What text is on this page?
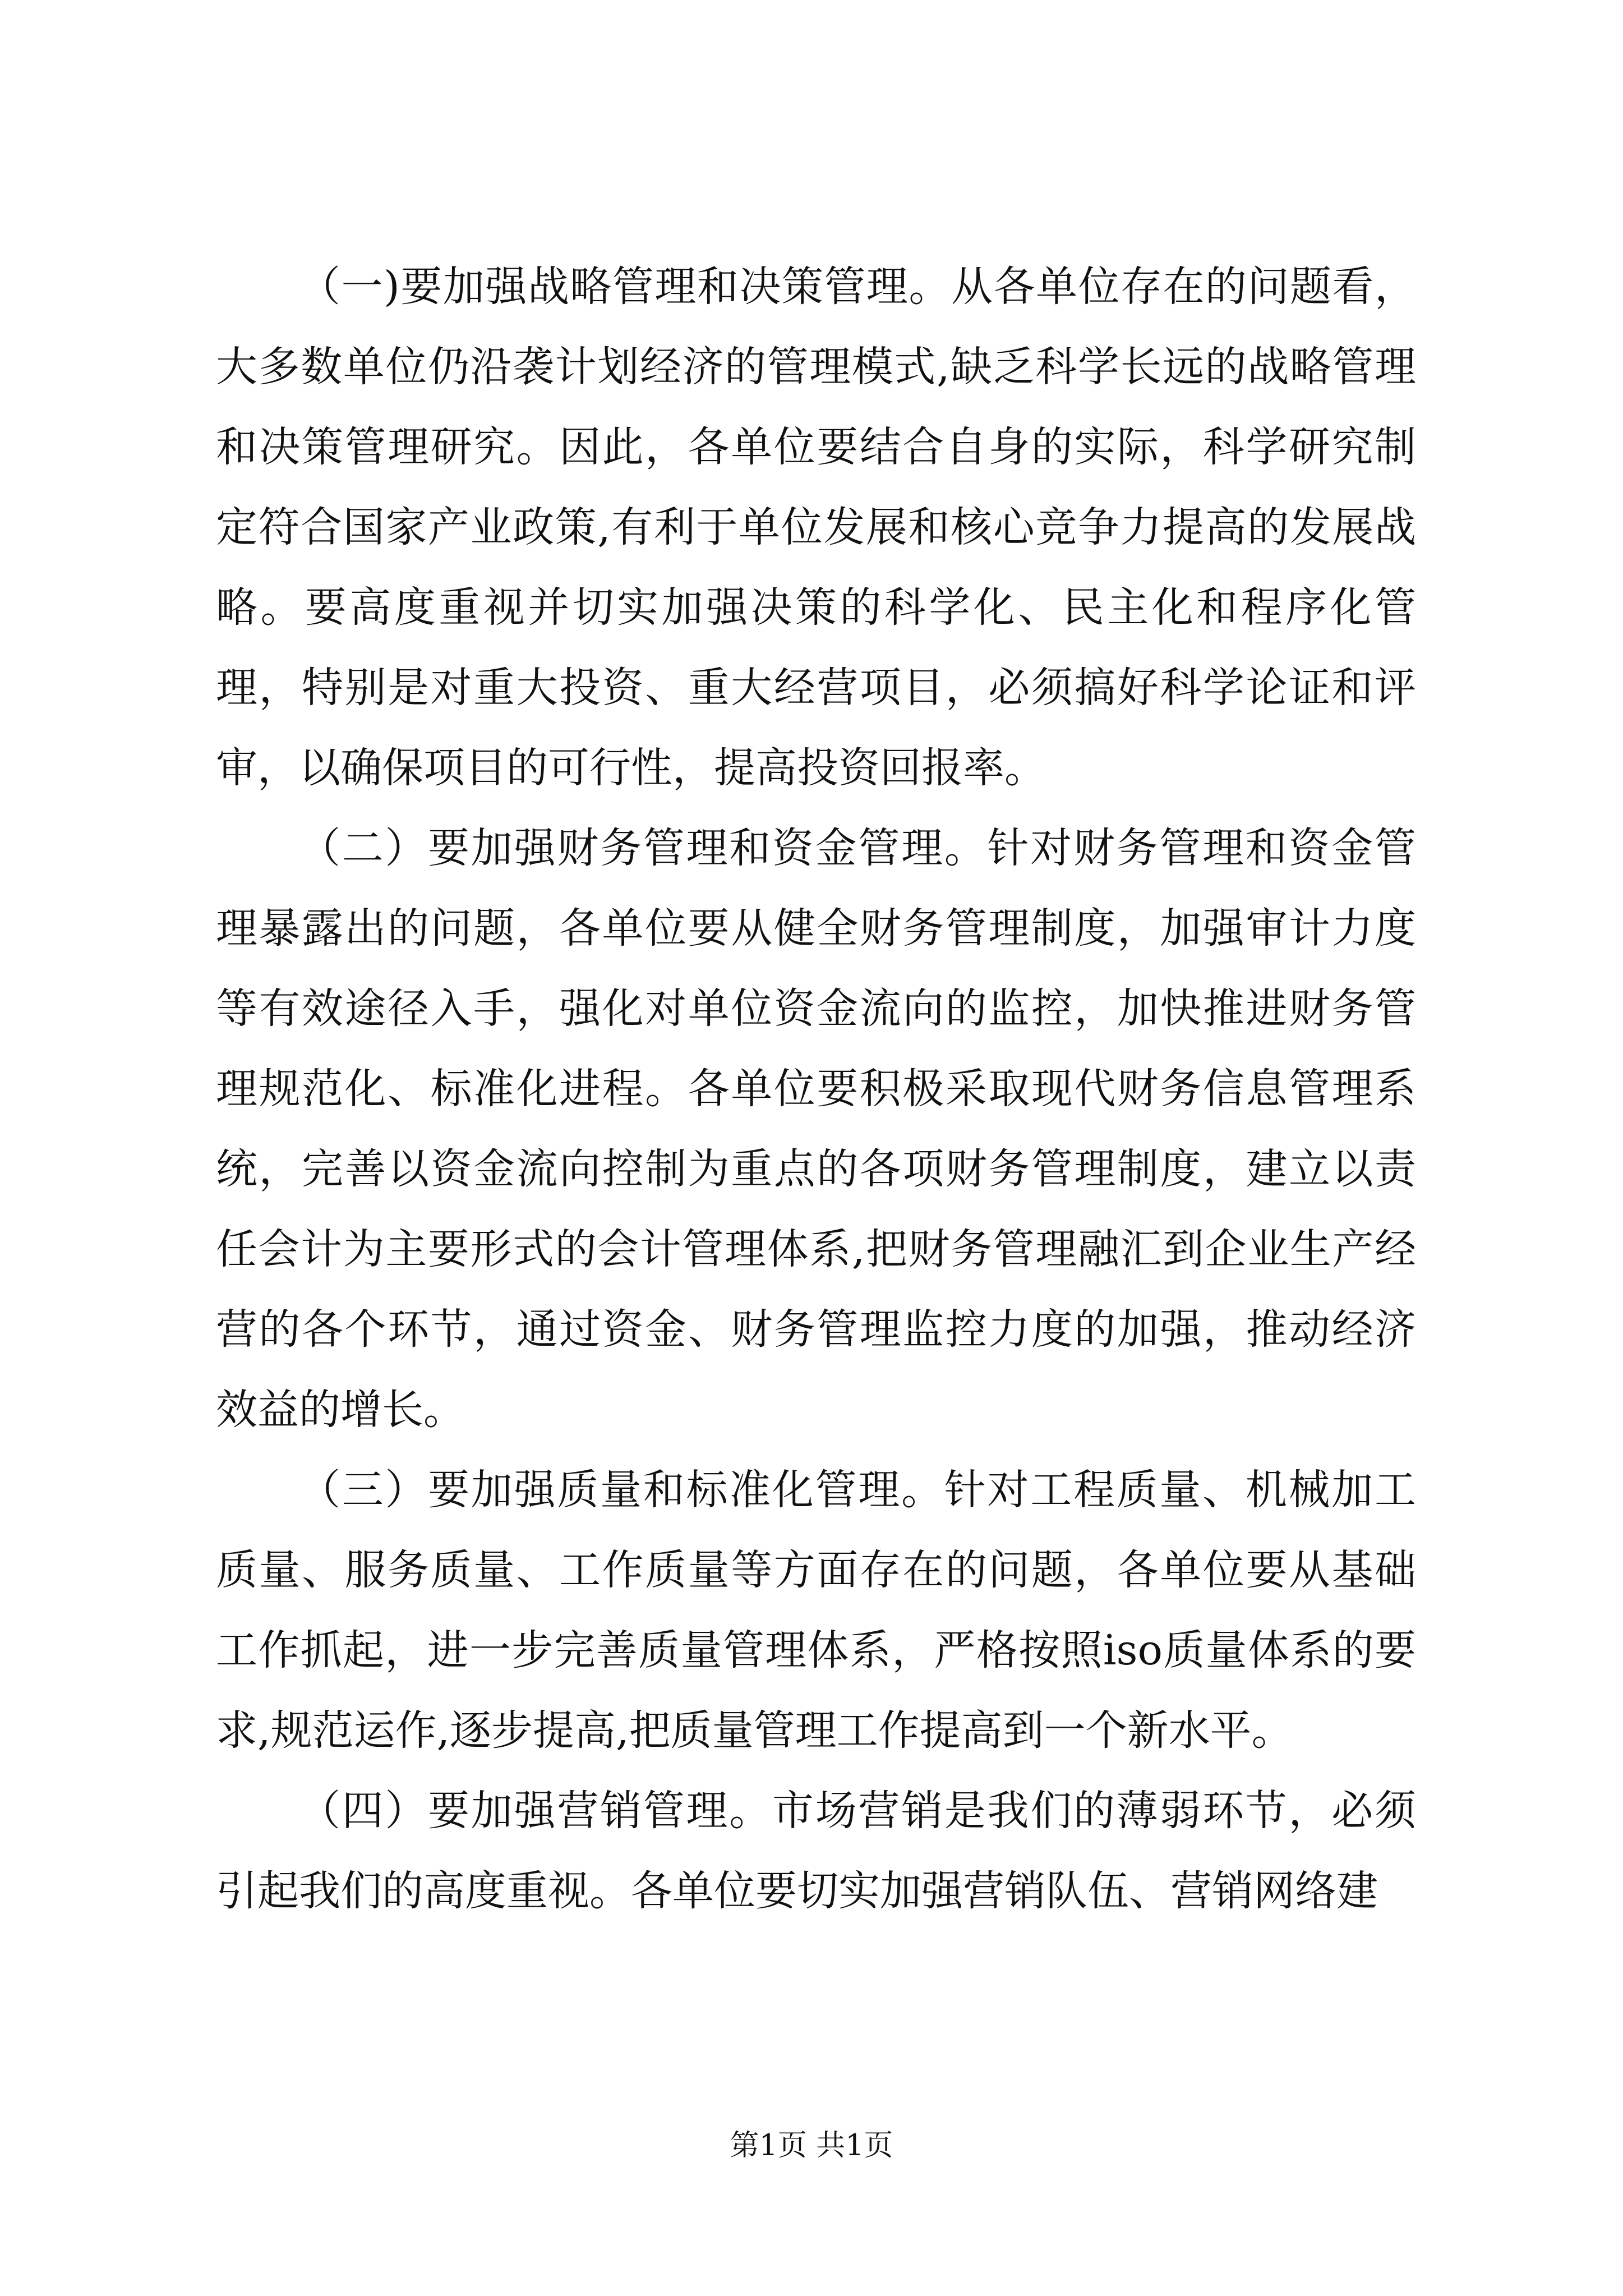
（一)要加强战略管理和决策管理。从各单位存在的问题看，大多数单位仍沿袭计划经济的管理模式,缺乏科学长远的战略管理和决策管理研究。因此，各单位要结合自身的实际，科学研究制定符合国家产业政策,有利于单位发展和核心竞争力提高的发展战略。要高度重视并切实加强决策的科学化、民主化和程序化管理，特别是对重大投资、重大经营项目，必须搞好科学论证和评审，以确保项目的可行性，提高投资回报率。

（二）要加强财务管理和资金管理。针对财务管理和资金管理暴露出的问题，各单位要从健全财务管理制度，加强审计力度等有效途径入手，强化对单位资金流向的监控，加快推进财务管理规范化、标准化进程。各单位要积极采取现代财务信息管理系统，完善以资金流向控制为重点的各项财务管理制度，建立以责任会计为主要形式的会计管理体系,把财务管理融汇到企业生产经营的各个环节，通过资金、财务管理监控力度的加强，推动经济效益的增长。

（三）要加强质量和标准化管理。针对工程质量、机械加工质量、服务质量、工作质量等方面存在的问题，各单位要从基础工作抓起，进一步完善质量管理体系，严格按照iso质量体系的要求,规范运作,逐步提高,把质量管理工作提高到一个新水平。

（四）要加强营销管理。市场营销是我们的薄弱环节，必须引起我们的高度重视。各单位要切实加强营销队伍、营销网络建

第1页 共1页
